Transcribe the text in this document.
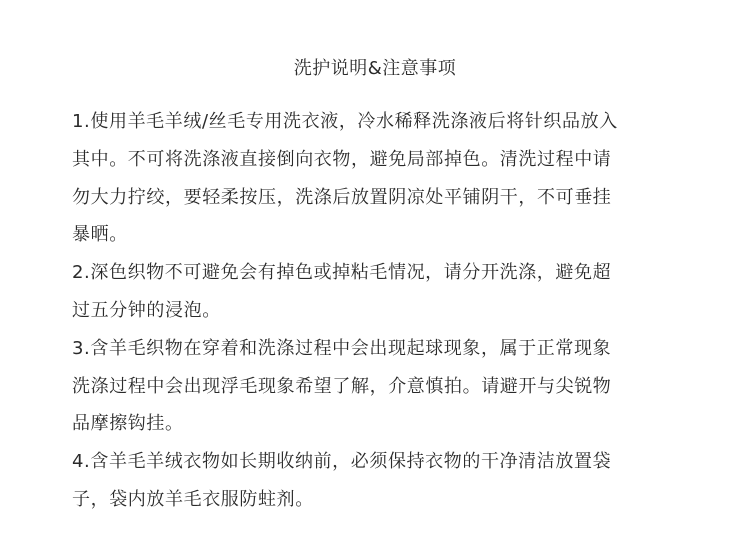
洗护说明&注意事项
1.使用羊毛羊绒/丝毛专用洗衣液，冷水稀释洗涤液后将针织品放入
其中。不可将洗涤液直接倒向衣物，避免局部掉色。清洗过程中请
勿大力拧绞，要轻柔按压，洗涤后放置阴凉处平铺阴干，不可垂挂
暴晒。
2.深色织物不可避免会有掉色或掉粘毛情况，请分开洗涤，避免超
过五分钟的浸泡。
3.含羊毛织物在穿着和洗涤过程中会出现起球现象，属于正常现象
洗涤过程中会出现浮毛现象希望了解，介意慎拍。请避开与尖锐物
品摩擦钩挂。
4.含羊毛羊绒衣物如长期收纳前，必须保持衣物的干净清洁放置袋
子，袋内放羊毛衣服防蛀剂。
